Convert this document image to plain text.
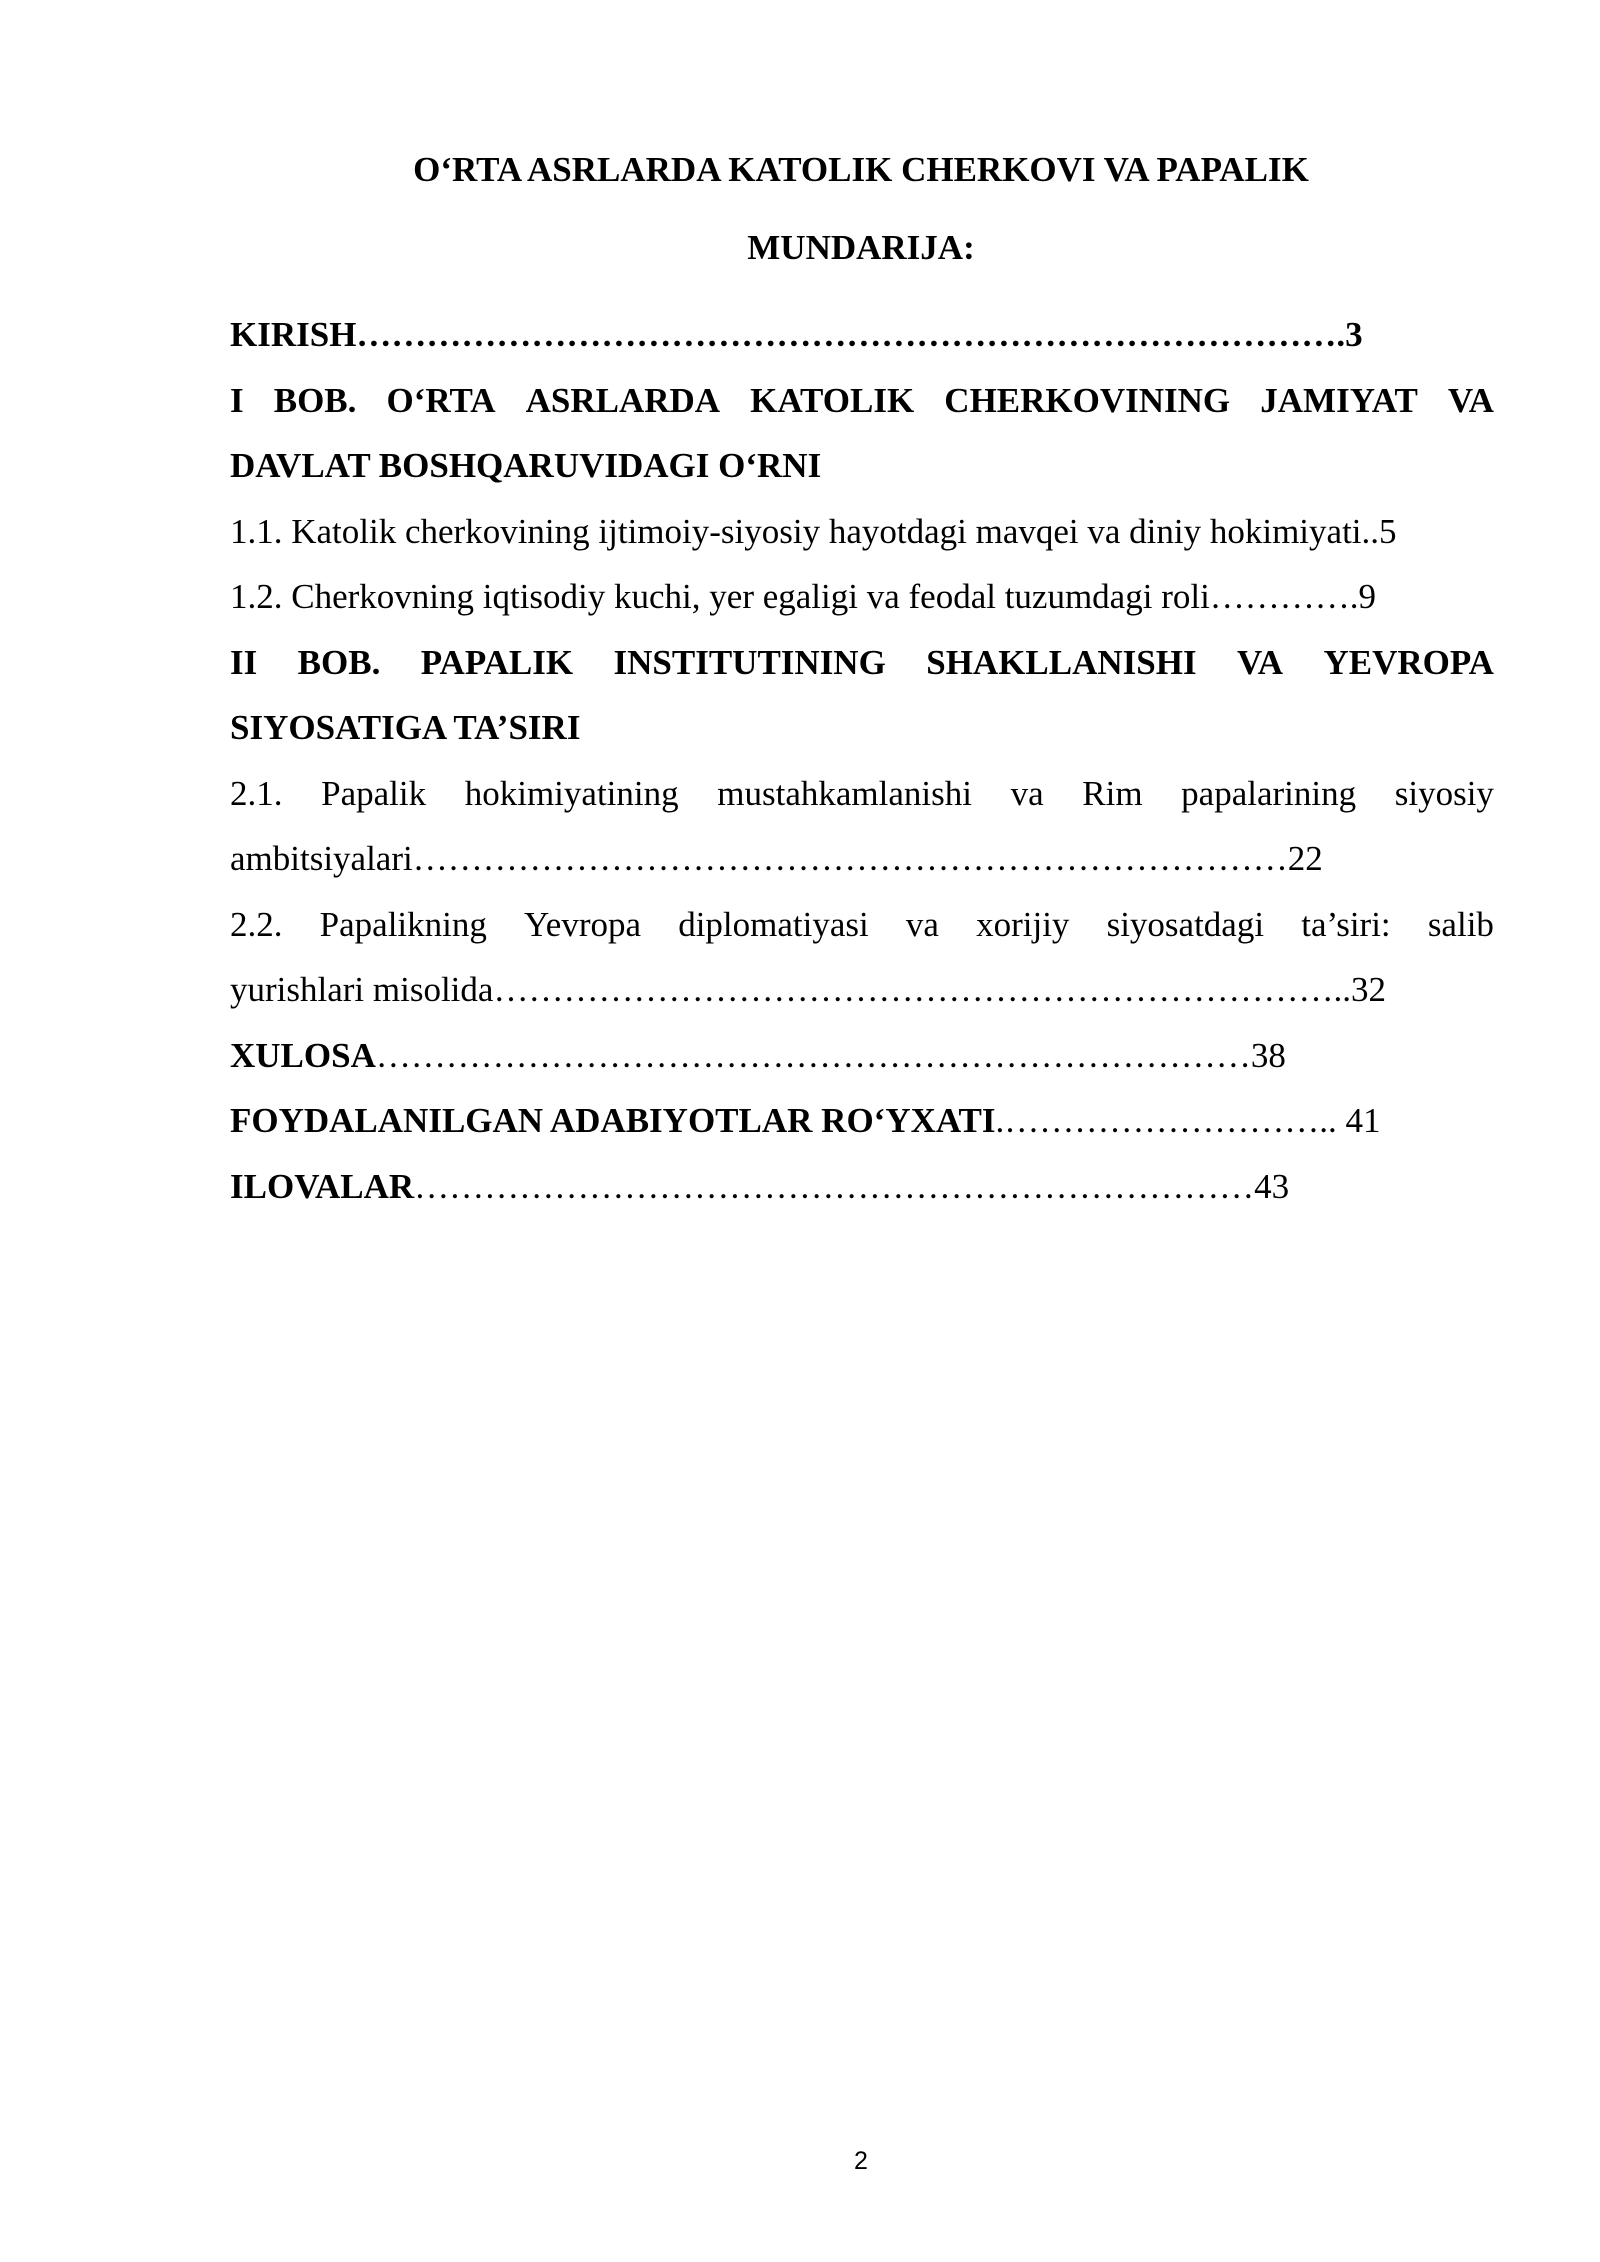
O‘RTA ASRLARDA KATOLIK CHERKOVI VA PAPALIK
MUNDARIJA:
KIRISH………………………………………………………………………….3
I BOB. O‘RTA ASRLARDA KATOLIK CHERKOVINING JAMIYAT VA
DAVLAT BOSHQARUVIDAGI O‘RNI
1.1. Katolik cherkovining ijtimoiy-siyosiy hayotdagi mavqei va diniy hokimiyati..5
1.2. Cherkovning iqtisodiy kuchi, yer egaligi va feodal tuzumdagi roli………….9
II BOB. PAPALIK INSTITUTINING SHAKLLANISHI VA YEVROPA
SIYOSATIGA TA’SIRI
2.1. Papalik hokimiyatining mustahkamlanishi va Rim papalarining siyosiy
ambitsiyalari…………………………………………………………………22
2.2. Papalikning Yevropa diplomatiyasi va xorijiy siyosatdagi ta’siri: salib
yurishlari misolida………………………………………………………………..32
XULOSA…………………………………………………………………38
FOYDALANILGAN ADABIYOTLAR RO‘YXATI.……………………….. 41
ILOVALAR………………………………………………………………43
2
